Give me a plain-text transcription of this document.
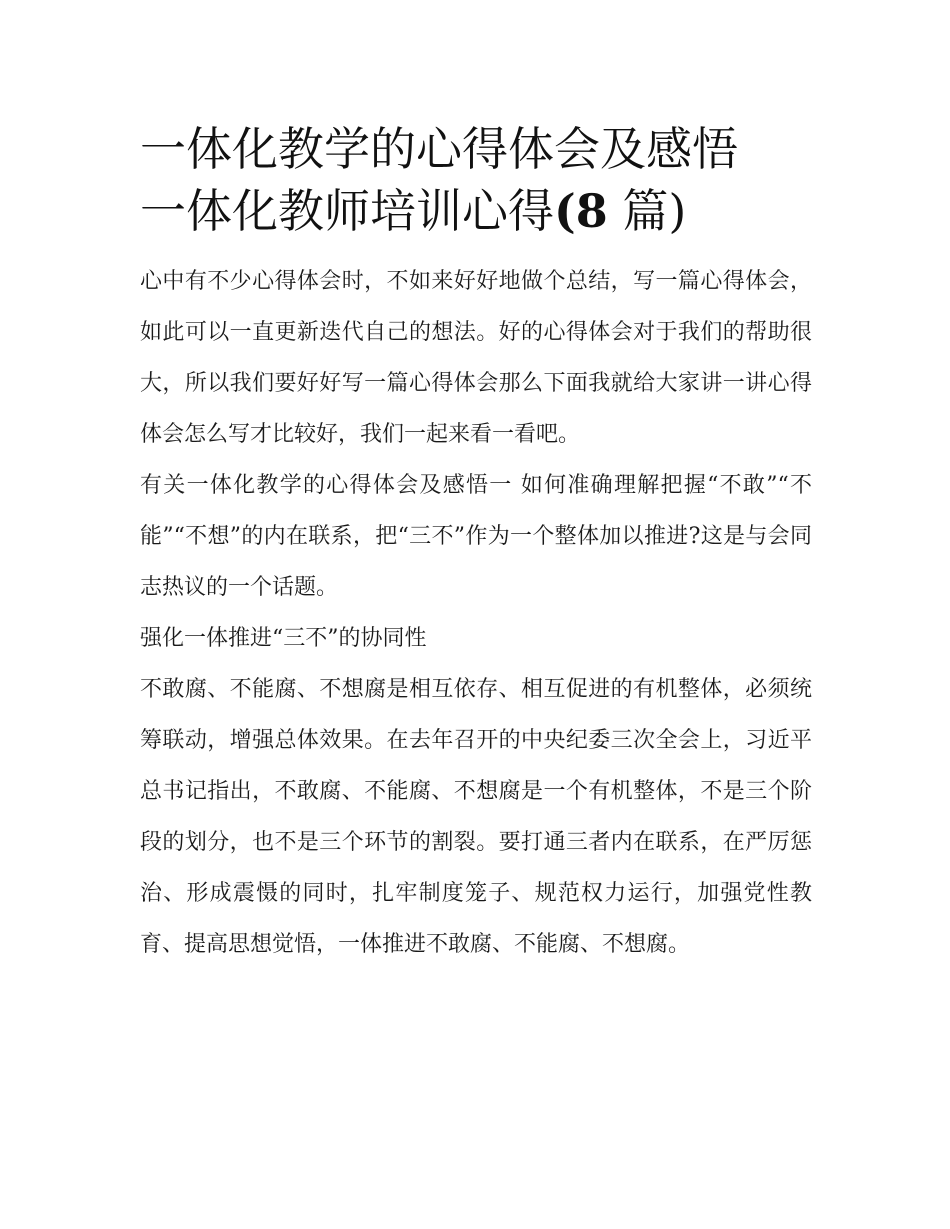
一体化教学的心得体会及感悟
一体化教师培训心得(8 篇)

心中有不少心得体会时，不如来好好地做个总结，写一篇心得体会，如此可以一直更新迭代自己的想法。好的心得体会对于我们的帮助很大，所以我们要好好写一篇心得体会那么下面我就给大家讲一讲心得体会怎么写才比较好，我们一起来看一看吧。

有关一体化教学的心得体会及感悟一 如何准确理解把握“不敢”“不能”“不想”的内在联系，把“三不”作为一个整体加以推进?这是与会同志热议的一个话题。

强化一体推进“三不”的协同性

不敢腐、不能腐、不想腐是相互依存、相互促进的有机整体，必须统筹联动，增强总体效果。在去年召开的中央纪委三次全会上，习近平总书记指出，不敢腐、不能腐、不想腐是一个有机整体，不是三个阶段的划分，也不是三个环节的割裂。要打通三者内在联系，在严厉惩治、形成震慑的同时，扎牢制度笼子、规范权力运行，加强党性教育、提高思想觉悟，一体推进不敢腐、不能腐、不想腐。
